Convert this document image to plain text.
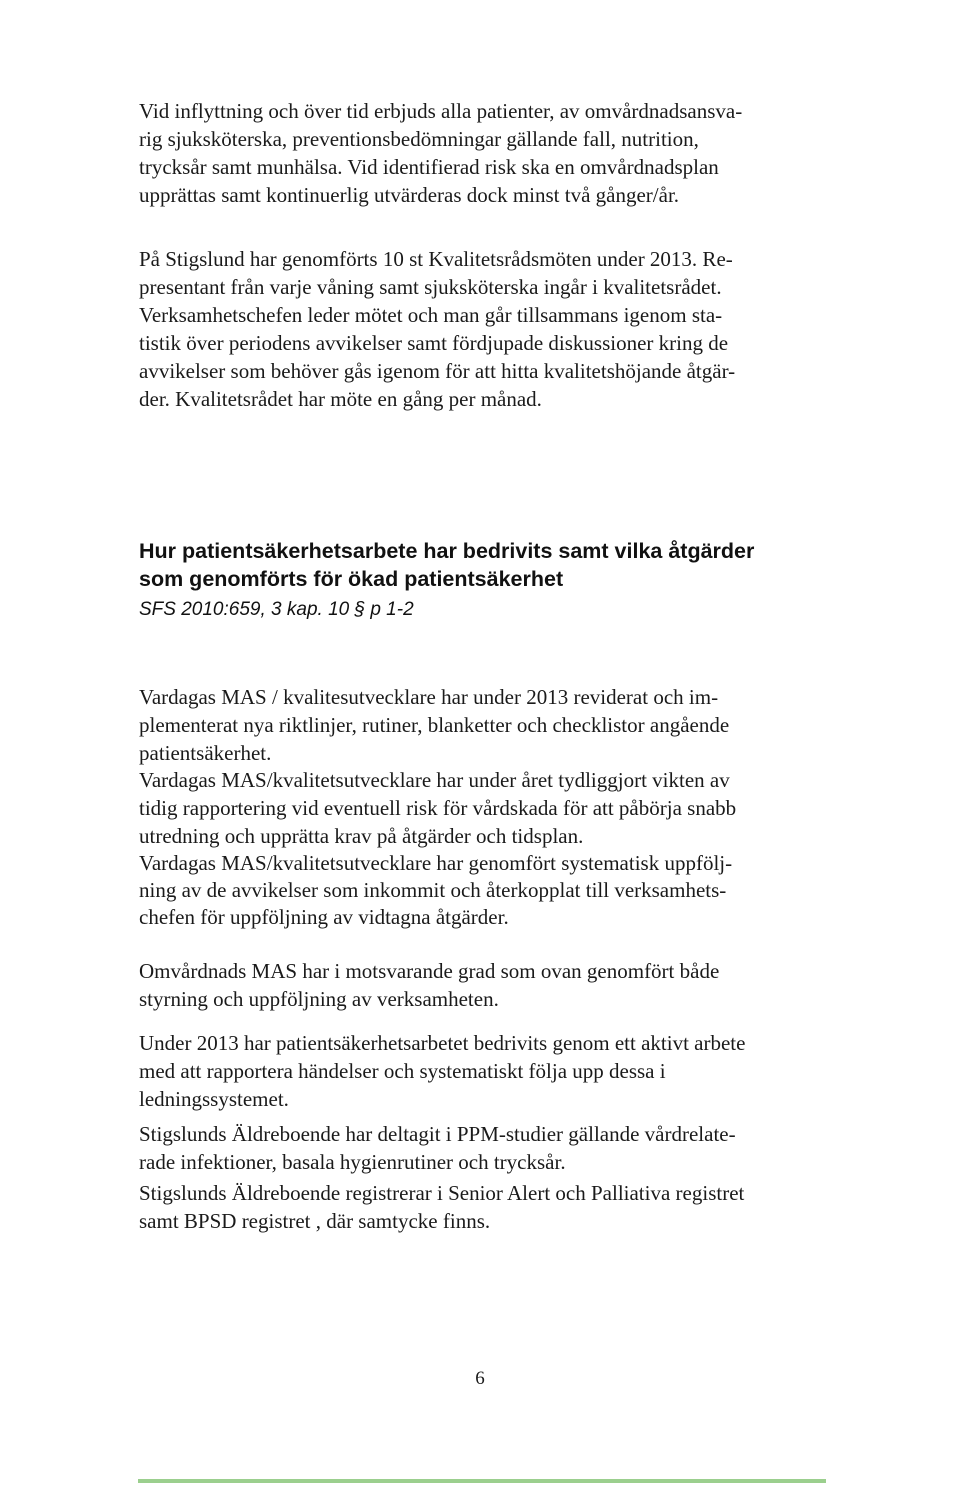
Vid inflyttning och över tid erbjuds alla patienter, av omvårdnadsansva-
rig sjuksköterska, preventionsbedömningar gällande fall, nutrition,
trycksår samt munhälsa. Vid identifierad risk ska en omvårdnadsplan
upprättas samt kontinuerlig utvärderas dock minst två gånger/år.
På Stigslund har genomförts 10 st Kvalitetsrådsmöten under 2013. Re-
presentant från varje våning samt sjuksköterska ingår i kvalitetsrådet.
Verksamhetschefen leder mötet och man går tillsammans igenom sta-
tistik över periodens avvikelser samt fördjupade diskussioner kring de
avvikelser som behöver gås igenom för att hitta kvalitetshöjande åtgär-
der. Kvalitetsrådet har möte en gång per månad.
Hur patientsäkerhetsarbete har bedrivits samt vilka åtgärder
som genomförts för ökad patientsäkerhet
SFS 2010:659, 3 kap. 10 § p 1-2
Vardagas MAS / kvalitesutvecklare har under 2013 reviderat och im-
plementerat nya riktlinjer, rutiner, blanketter och checklistor angående
patientsäkerhet.
Vardagas MAS/kvalitetsutvecklare har under året tydliggjort vikten av
tidig rapportering vid eventuell risk för vårdskada för att påbörja snabb
utredning och upprätta krav på åtgärder och tidsplan.
Vardagas MAS/kvalitetsutvecklare har genomfört systematisk uppfölj-
ning av de avvikelser som inkommit och återkopplat till verksamhets-
chefen för uppföljning av vidtagna åtgärder.
Omvårdnads MAS har i motsvarande grad som ovan genomfört både
styrning och uppföljning av verksamheten.
Under 2013 har patientsäkerhetsarbetet bedrivits genom ett aktivt arbete
med att rapportera händelser och systematiskt följa upp dessa i
ledningssystemet.
Stigslunds Äldreboende har deltagit i PPM-studier gällande vårdrelate-
rade infektioner, basala hygienrutiner och trycksår.
Stigslunds Äldreboende registrerar i Senior Alert och Palliativa registret
samt BPSD registret , där samtycke finns.
6
